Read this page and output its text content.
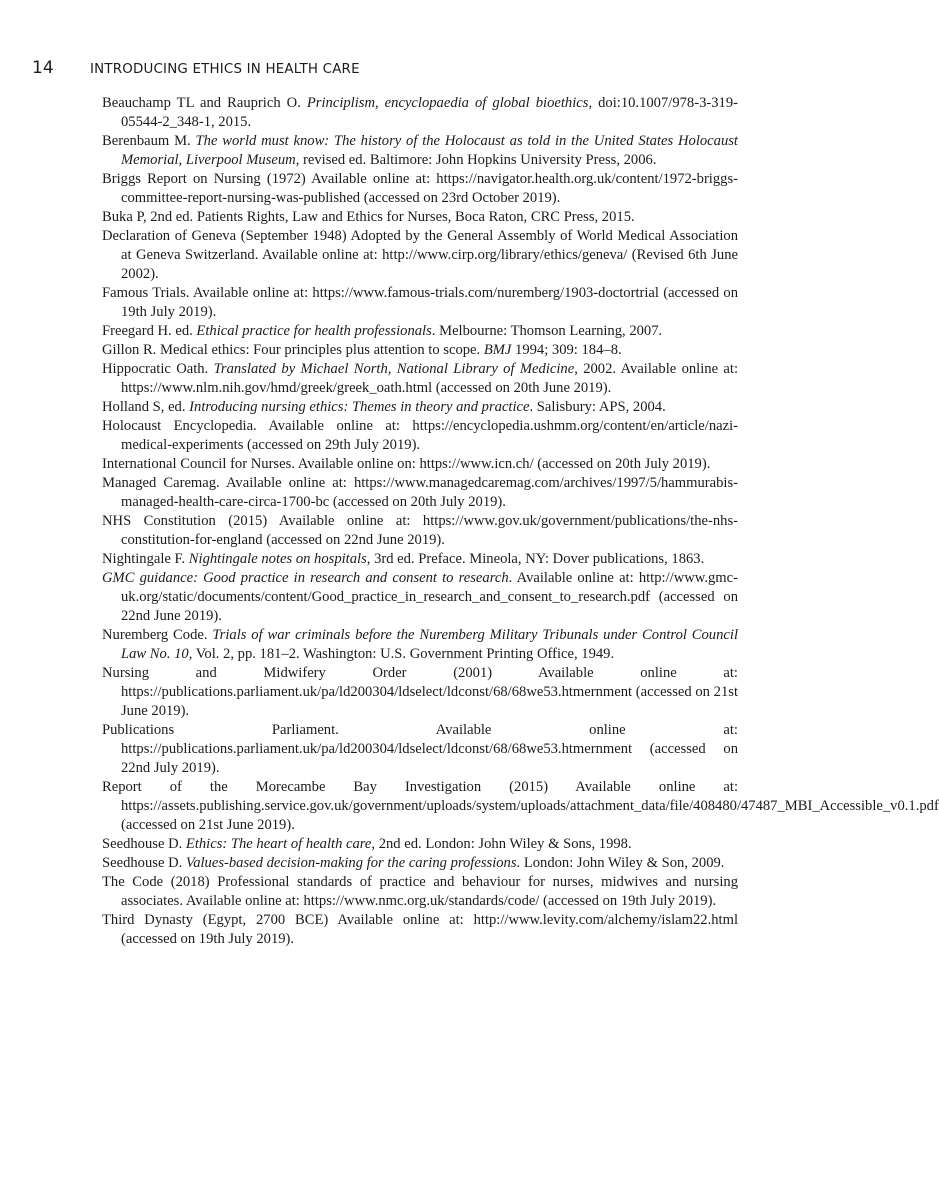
14	INTRODUCING ETHICS IN HEALTH CARE
Beauchamp TL and Rauprich O. Principlism, encyclopaedia of global bioethics, doi:10.1007/978-3-319-05544-2_348-1, 2015.
Berenbaum M. The world must know: The history of the Holocaust as told in the United States Holocaust Memorial, Liverpool Museum, revised ed. Baltimore: John Hopkins University Press, 2006.
Briggs Report on Nursing (1972) Available online at: https://navigator.health.org.uk/content/1972-briggs-committee-report-nursing-was-published (accessed on 23rd October 2019).
Buka P, 2nd ed. Patients Rights, Law and Ethics for Nurses, Boca Raton, CRC Press, 2015.
Declaration of Geneva (September 1948) Adopted by the General Assembly of World Medical Association at Geneva Switzerland. Available online at: http://www.cirp.org/library/ethics/geneva/ (Revised 6th June 2002).
Famous Trials. Available online at: https://www.famous-trials.com/nuremberg/1903-doctortrial (accessed on 19th July 2019).
Freegard H. ed. Ethical practice for health professionals. Melbourne: Thomson Learning, 2007.
Gillon R. Medical ethics: Four principles plus attention to scope. BMJ 1994; 309: 184–8.
Hippocratic Oath. Translated by Michael North, National Library of Medicine, 2002. Available online at: https://www.nlm.nih.gov/hmd/greek/greek_oath.html (accessed on 20th June 2019).
Holland S, ed. Introducing nursing ethics: Themes in theory and practice. Salisbury: APS, 2004.
Holocaust Encyclopedia. Available online at: https://encyclopedia.ushmm.org/content/en/article/nazi-medical-experiments (accessed on 29th July 2019).
International Council for Nurses. Available online on: https://www.icn.ch/ (accessed on 20th July 2019).
Managed Caremag. Available online at: https://www.managedcaremag.com/archives/1997/5/hammurabis-managed-health-care-circa-1700-bc (accessed on 20th July 2019).
NHS Constitution (2015) Available online at: https://www.gov.uk/government/publications/the-nhs-constitution-for-england (accessed on 22nd June 2019).
Nightingale F. Nightingale notes on hospitals, 3rd ed. Preface. Mineola, NY: Dover publications, 1863.
GMC guidance: Good practice in research and consent to research. Available online at: http://www.gmc-uk.org/static/documents/content/Good_practice_in_research_and_consent_to_research.pdf (accessed on 22nd June 2019).
Nuremberg Code. Trials of war criminals before the Nuremberg Military Tribunals under Control Council Law No. 10, Vol. 2, pp. 181–2. Washington: U.S. Government Printing Office, 1949.
Nursing and Midwifery Order (2001) Available online at: https://publications.parliament.uk/pa/ld200304/ldselect/ldconst/68/68we53.htmernment (accessed on 21st June 2019).
Publications Parliament. Available online at: https://publications.parliament.uk/pa/ld200304/ldselect/ldconst/68/68we53.htmernment (accessed on 22nd July 2019).
Report of the Morecambe Bay Investigation (2015) Available online at: https://assets.publishing.service.gov.uk/government/uploads/system/uploads/attachment_data/file/408480/47487_MBI_Accessible_v0.1.pdf (accessed on 21st June 2019).
Seedhouse D. Ethics: The heart of health care, 2nd ed. London: John Wiley & Sons, 1998.
Seedhouse D. Values-based decision-making for the caring professions. London: John Wiley & Son, 2009.
The Code (2018) Professional standards of practice and behaviour for nurses, midwives and nursing associates. Available online at: https://www.nmc.org.uk/standards/code/ (accessed on 19th July 2019).
Third Dynasty (Egypt, 2700 BCE) Available online at: http://www.levity.com/alchemy/islam22.html (accessed on 19th July 2019).
